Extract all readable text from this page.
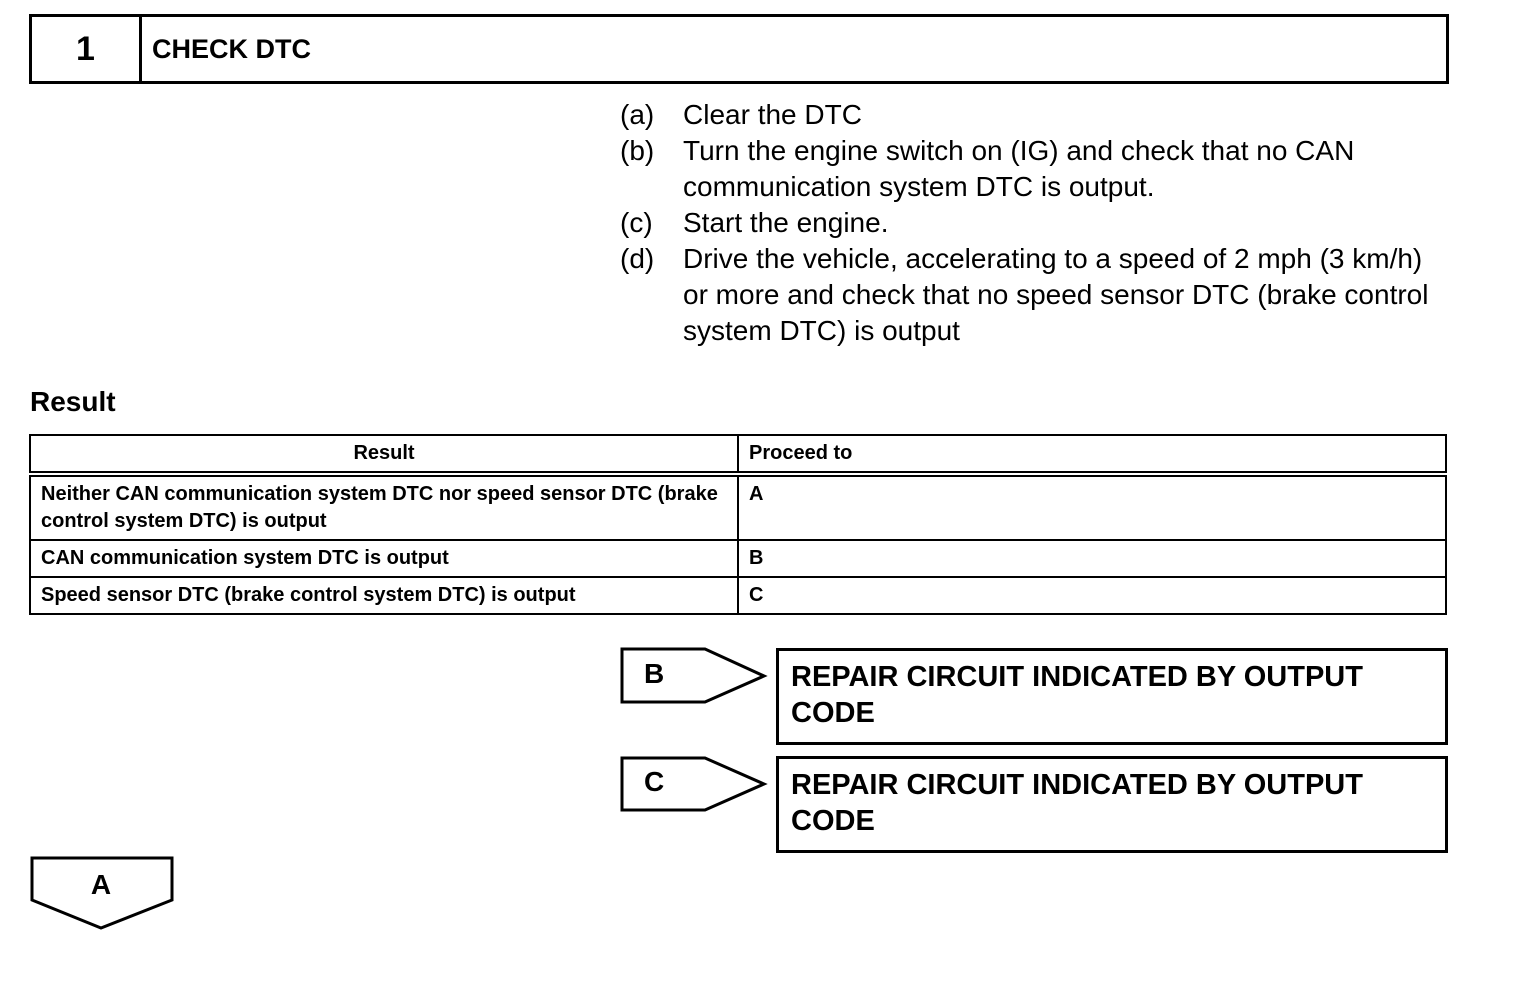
1	CHECK DTC
(a)	Clear the DTC
(b)	Turn the engine switch on (IG) and check that no CAN communication system DTC is output.
(c)	Start the engine.
(d)	Drive the vehicle, accelerating to a speed of 2 mph (3 km/h) or more and check that no speed sensor DTC (brake control system DTC) is output
Result
Result	Proceed to
Neither CAN communication system DTC nor speed sensor DTC (brake control system DTC) is output	A
CAN communication system DTC is output	B
Speed sensor DTC (brake control system DTC) is output	C
B	REPAIR CIRCUIT INDICATED BY OUTPUT CODE
C	REPAIR CIRCUIT INDICATED BY OUTPUT CODE
A
